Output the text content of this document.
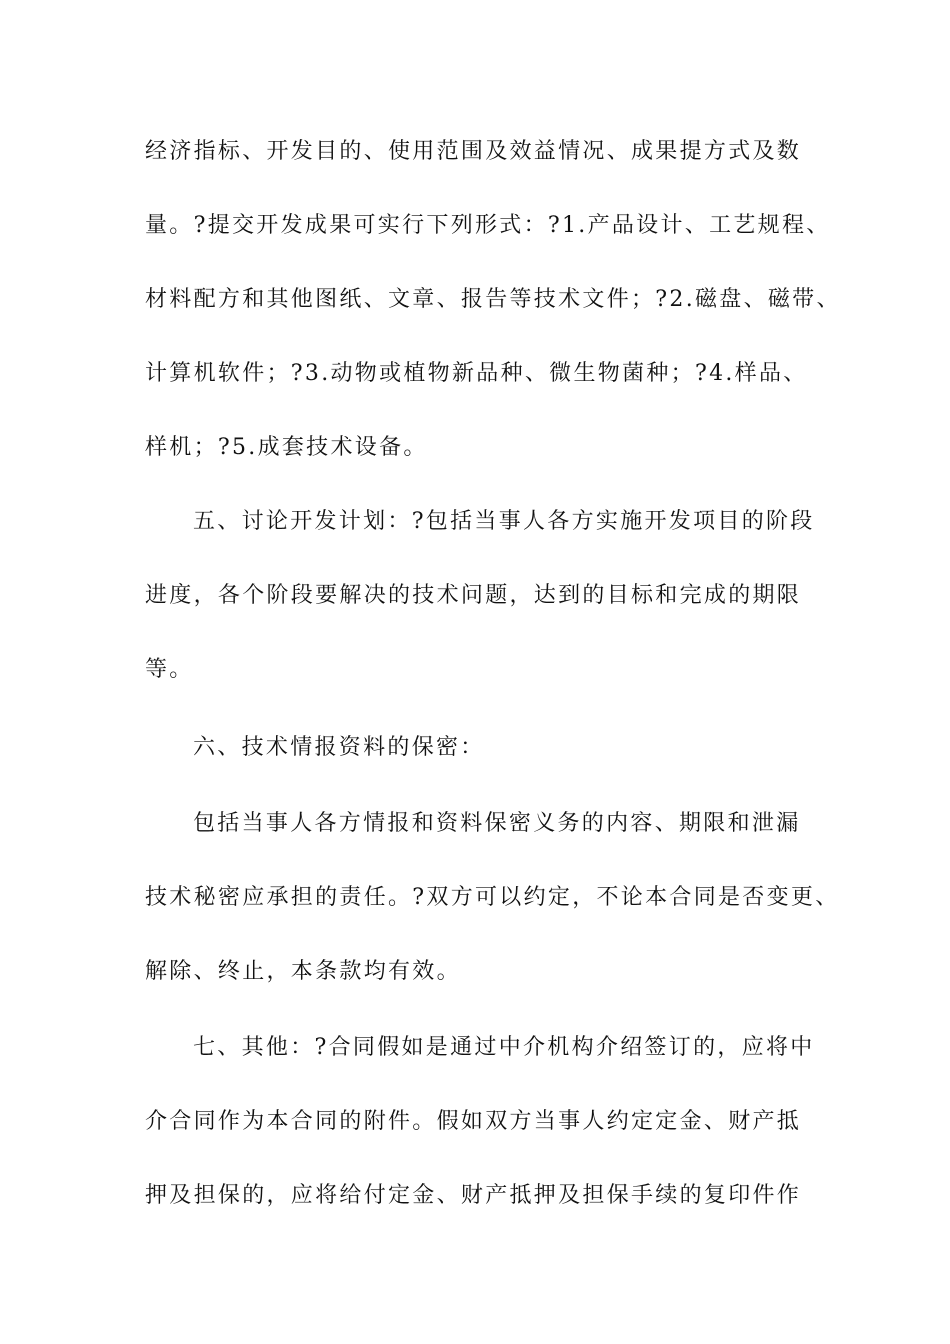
经济指标、开发目的、使用范围及效益情况、成果提方式及数
量。?提交开发成果可实行下列形式：?1.产品设计、工艺规程、
材料配方和其他图纸、文章、报告等技术文件；?2.磁盘、磁带、
计算机软件；?3.动物或植物新品种、微生物菌种；?4.样品、
样机；?5.成套技术设备。
五、讨论开发计划：?包括当事人各方实施开发项目的阶段
进度，各个阶段要解决的技术问题，达到的目标和完成的期限
等。
六、技术情报资料的保密：
包括当事人各方情报和资料保密义务的内容、期限和泄漏
技术秘密应承担的责任。?双方可以约定，不论本合同是否变更、
解除、终止，本条款均有效。
七、其他：?合同假如是通过中介机构介绍签订的，应将中
介合同作为本合同的附件。假如双方当事人约定定金、财产抵
押及担保的，应将给付定金、财产抵押及担保手续的复印件作
